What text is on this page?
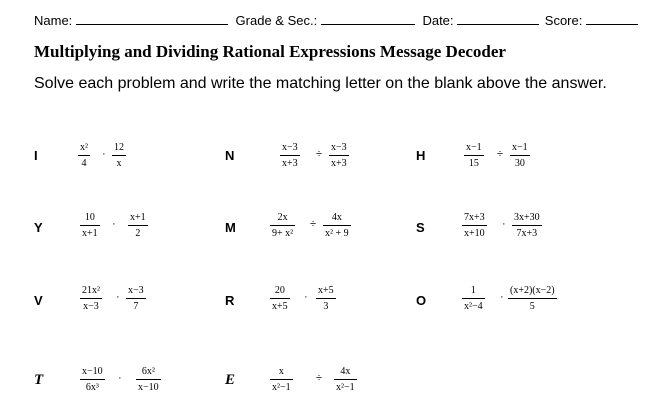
Name:	Grade & Sec.:	Date:	Score:
Multiplying and Dividing Rational Expressions Message Decoder
Solve each problem and write the matching letter on the blank above the answer.
I	$\frac{\text{x²}}{4} \cdot \frac{12}{x}$	N	$\frac{x-3}{x+3} \div \frac{x-3}{x+3}$	H	$\frac{x-1}{15} \div \frac{x-1}{30}$
Y	$\frac{10}{x+1} \cdot \frac{x+1}{2}$	M	$\frac{2x}{\text{9+ x²}} \div \frac{4x}{\text{x² + 9}}$	S	$\frac{7x+3}{x+10} \cdot \frac{3x+30}{7x+3}$
V	$\frac{\text{21x²}}{x-3} \cdot \frac{x-3}{7}$	R	$\frac{20}{x+5} \cdot \frac{x+5}{3}$	O	$\frac{1}{\text{x²−4}} \cdot \frac{(x+2)(x-2)}{5}$
T	$\frac{x-10}{\text{6x³}} \cdot \frac{\text{6x²}}{x-10}$	E	$\frac{x}{\text{x²−1}} \div \frac{4x}{\text{x²−1}}$
